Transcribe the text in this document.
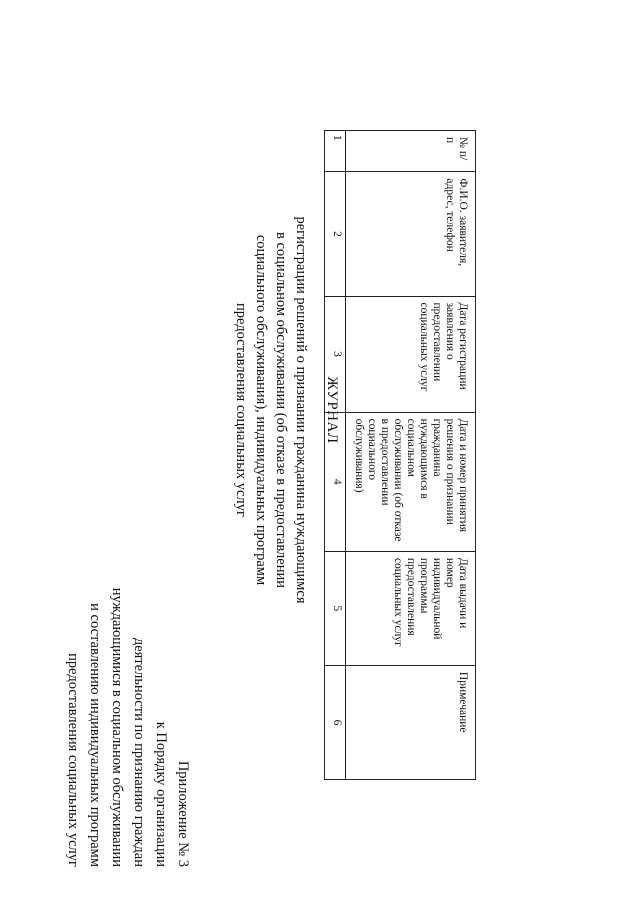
Приложение № 3
к Порядку организации
деятельности по признанию граждан
нуждающимися в социальном обслуживании
и составлению индивидуальных программ
предоставления социальных услуг
ЖУРНАЛ
регистрации решений о признании гражданина нуждающимся
в социальном обслуживании (об отказе в предоставлении
социального обслуживания), индивидуальных программ
предоставления социальных услуг
№ п/п	Ф.И.О. заявителя, адрес, телефон	Дата регистрации заявления о предоставлении социальных услуг	Дата и номер принятия решения о признании гражданина нуждающимся в социальном обслуживании (об отказе в предоставлении социального обслуживания)	Дата выдачи и номер индивидуальной программы предоставления социальных услуг	Примечание
1	2	3	4	5	6
